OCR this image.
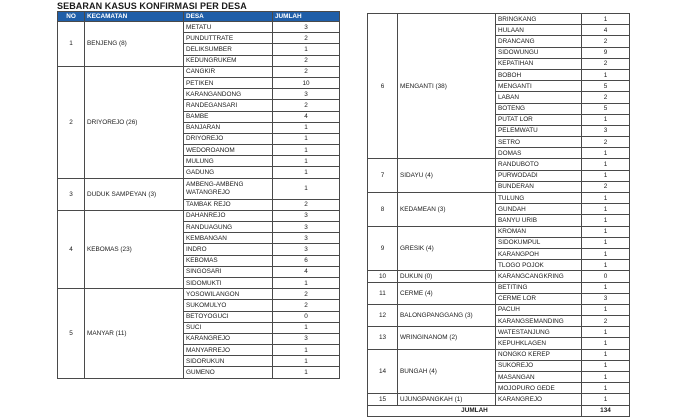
SEBARAN KASUS KONFIRMASI PER DESA
NO	KECAMATAN	DESA	JUMLAH
1	BENJENG (8)	METATU	3
		PUNDUTTRATE	2
		DELIKSUMBER	1
		KEDUNGRUKEM	2
2	DRIYOREJO (26)	CANGKIR	2
		PETIKEN	10
		KARANGANDONG	3
		RANDEGANSARI	2
		BAMBE	4
		BANJARAN	1
		DRIYOREJO	1
		WEDOROANOM	1
		MULUNG	1
		GADUNG	1
3	DUDUK SAMPEYAN (3)	AMBENG-AMBENG WATANGREJO	1
		TAMBAK REJO	2
4	KEBOMAS (23)	DAHANREJO	3
		RANDUAGUNG	3
		KEMBANGAN	3
		INDRO	3
		KEBOMAS	6
		SINGOSARI	4
		SIDOMUKTI	1
5	MANYAR (11)	YOSOWILANGON	2
		SUKOMULYO	2
		BETOYOGUCI	0
		SUCI	1
		KARANGREJO	3
		MANYARREJO	1
		SIDORUKUN	1
		GUMENO	1
6	MENGANTI (38)	BRINGKANG	1
		HULAAN	4
		DRANCANG	2
		SIDOWUNGU	9
		KEPATIHAN	2
		BOBOH	1
		MENGANTI	5
		LABAN	2
		BOTENG	5
		PUTAT LOR	1
		PELEMWATU	3
		SETRO	2
		DOMAS	1
7	SIDAYU (4)	RANDUBOTO	1
		PURWODADI	1
		BUNDERAN	2
8	KEDAMEAN (3)	TULUNG	1
		GUNDAH	1
		BANYU URIB	1
9	GRESIK (4)	KROMAN	1
		SIDOKUMPUL	1
		KARANGPOH	1
		TLOGO POJOK	1
10	DUKUN (0)	KARANGCANGKRING	0
11	CERME (4)	BETITING	1
		CERME LOR	3
12	BALONGPANGGANG (3)	PACUH	1
		KARANGSEMANDING	2
13	WRINGINANOM (2)	WATESTANJUNG	1
		KEPUHKLAGEN	1
14	BUNGAH (4)	NONGKO KEREP	1
		SUKOREJO	1
		MASANGAN	1
		MOJOPURO GEDE	1
15	UJUNGPANGKAH (1)	KARANGREJO	1
JUMLAH			134
